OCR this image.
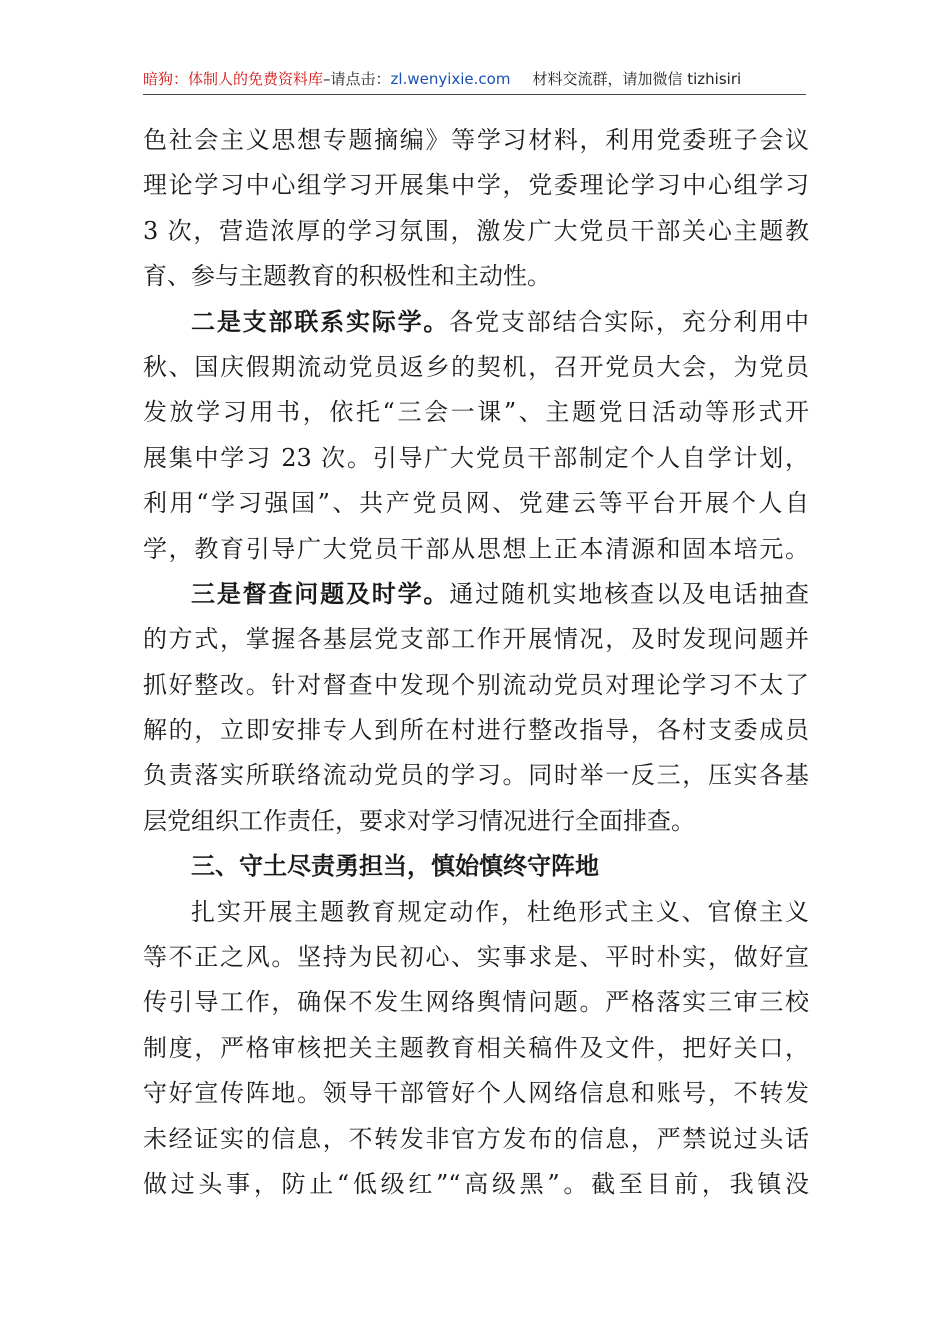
暗狗：体制人的免费资料库–请点击：zl.wenyixie.com 材料交流群，请加微信 tizhisiri
色社会主义思想专题摘编》等学习材料，利用党委班子会议
理论学习中心组学习开展集中学，党委理论学习中心组学习
3 次，营造浓厚的学习氛围，激发广大党员干部关心主题教
育、参与主题教育的积极性和主动性。
二是支部联系实际学。各党支部结合实际，充分利用中
秋、国庆假期流动党员返乡的契机，召开党员大会，为党员
发放学习用书，依托“三会一课”、主题党日活动等形式开
展集中学习 23 次。引导广大党员干部制定个人自学计划，
利用“学习强国”、共产党员网、党建云等平台开展个人自
学，教育引导广大党员干部从思想上正本清源和固本培元。
三是督查问题及时学。通过随机实地核查以及电话抽查
的方式，掌握各基层党支部工作开展情况，及时发现问题并
抓好整改。针对督查中发现个别流动党员对理论学习不太了
解的，立即安排专人到所在村进行整改指导，各村支委成员
负责落实所联络流动党员的学习。同时举一反三，压实各基
层党组织工作责任，要求对学习情况进行全面排查。
三、守土尽责勇担当，慎始慎终守阵地
扎实开展主题教育规定动作，杜绝形式主义、官僚主义
等不正之风。坚持为民初心、实事求是、平时朴实，做好宣
传引导工作，确保不发生网络舆情问题。严格落实三审三校
制度，严格审核把关主题教育相关稿件及文件，把好关口，
守好宣传阵地。领导干部管好个人网络信息和账号，不转发
未经证实的信息，不转发非官方发布的信息，严禁说过头话
做过头事，防止“低级红”“高级黑”。截至目前，我镇没
